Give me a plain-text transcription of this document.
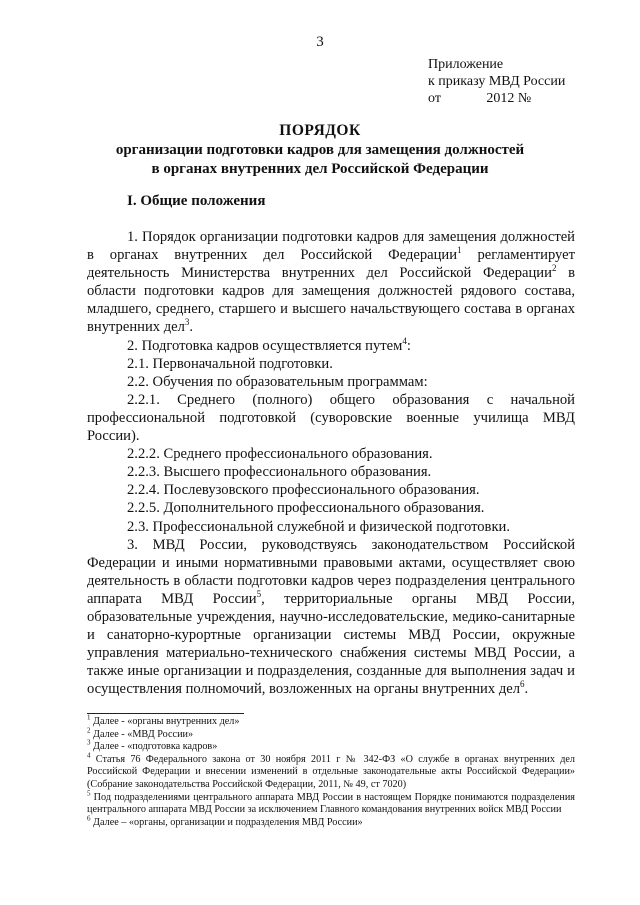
3
Приложение
к приказу МВД России
от             2012 №
ПОРЯДОК
организации подготовки кадров для замещения должностей
в органах внутренних дел Российской Федерации
I. Общие положения

1. Порядок организации подготовки кадров для замещения должностей в органах внутренних дел Российской Федерации$^1$ регламентирует деятельность Министерства внутренних дел Российской Федерации$^2$ в области подготовки кадров для замещения должностей рядового состава, младшего, среднего, старшего и высшего начальствующего состава в органах внутренних дел$^3$.

2. Подготовка кадров осуществляется путем$^4$:

2.1. Первоначальной подготовки.

2.2. Обучения по образовательным программам:

2.2.1. Среднего (полного) общего образования с начальной профессиональной подготовкой (суворовские военные училища МВД России).

2.2.2. Среднего профессионального образования.

2.2.3. Высшего профессионального образования.

2.2.4. Послевузовского профессионального образования.

2.2.5. Дополнительного профессионального образования.

2.3. Профессиональной служебной и физической подготовки.

3. МВД России, руководствуясь законодательством Российской Федерации и иными нормативными правовыми актами, осуществляет свою деятельность в области подготовки кадров через подразделения центрального аппарата МВД России$^5$, территориальные органы МВД России, образовательные учреждения, научно-исследовательские, медико-санитарные и санаторно-курортные организации системы МВД России, окружные управления материально-технического снабжения системы МВД России, а также иные организации и подразделения, созданные для выполнения задач и осуществления полномочий, возложенных на органы внутренних дел$^6$.

$^1$ Далее - «органы внутренних дел»

$^2$ Далее - «МВД России»

$^3$ Далее - «подготовка кадров»

$^4$ Статья 76 Федерального закона от 30 ноября 2011 г № 342-ФЗ «О службе в органах внутренних дел Российской Федерации и внесении изменений в отдельные законодательные акты Российской Федерации» (Собрание законодательства Российской Федерации, 2011, № 49, ст 7020)

$^5$ Под подразделениями центрального аппарата МВД России в настоящем Порядке понимаются подразделения центрального аппарата МВД России за исключением Главного командования внутренних войск МВД России

$^6$ Далее – «органы, организации и подразделения МВД России»
